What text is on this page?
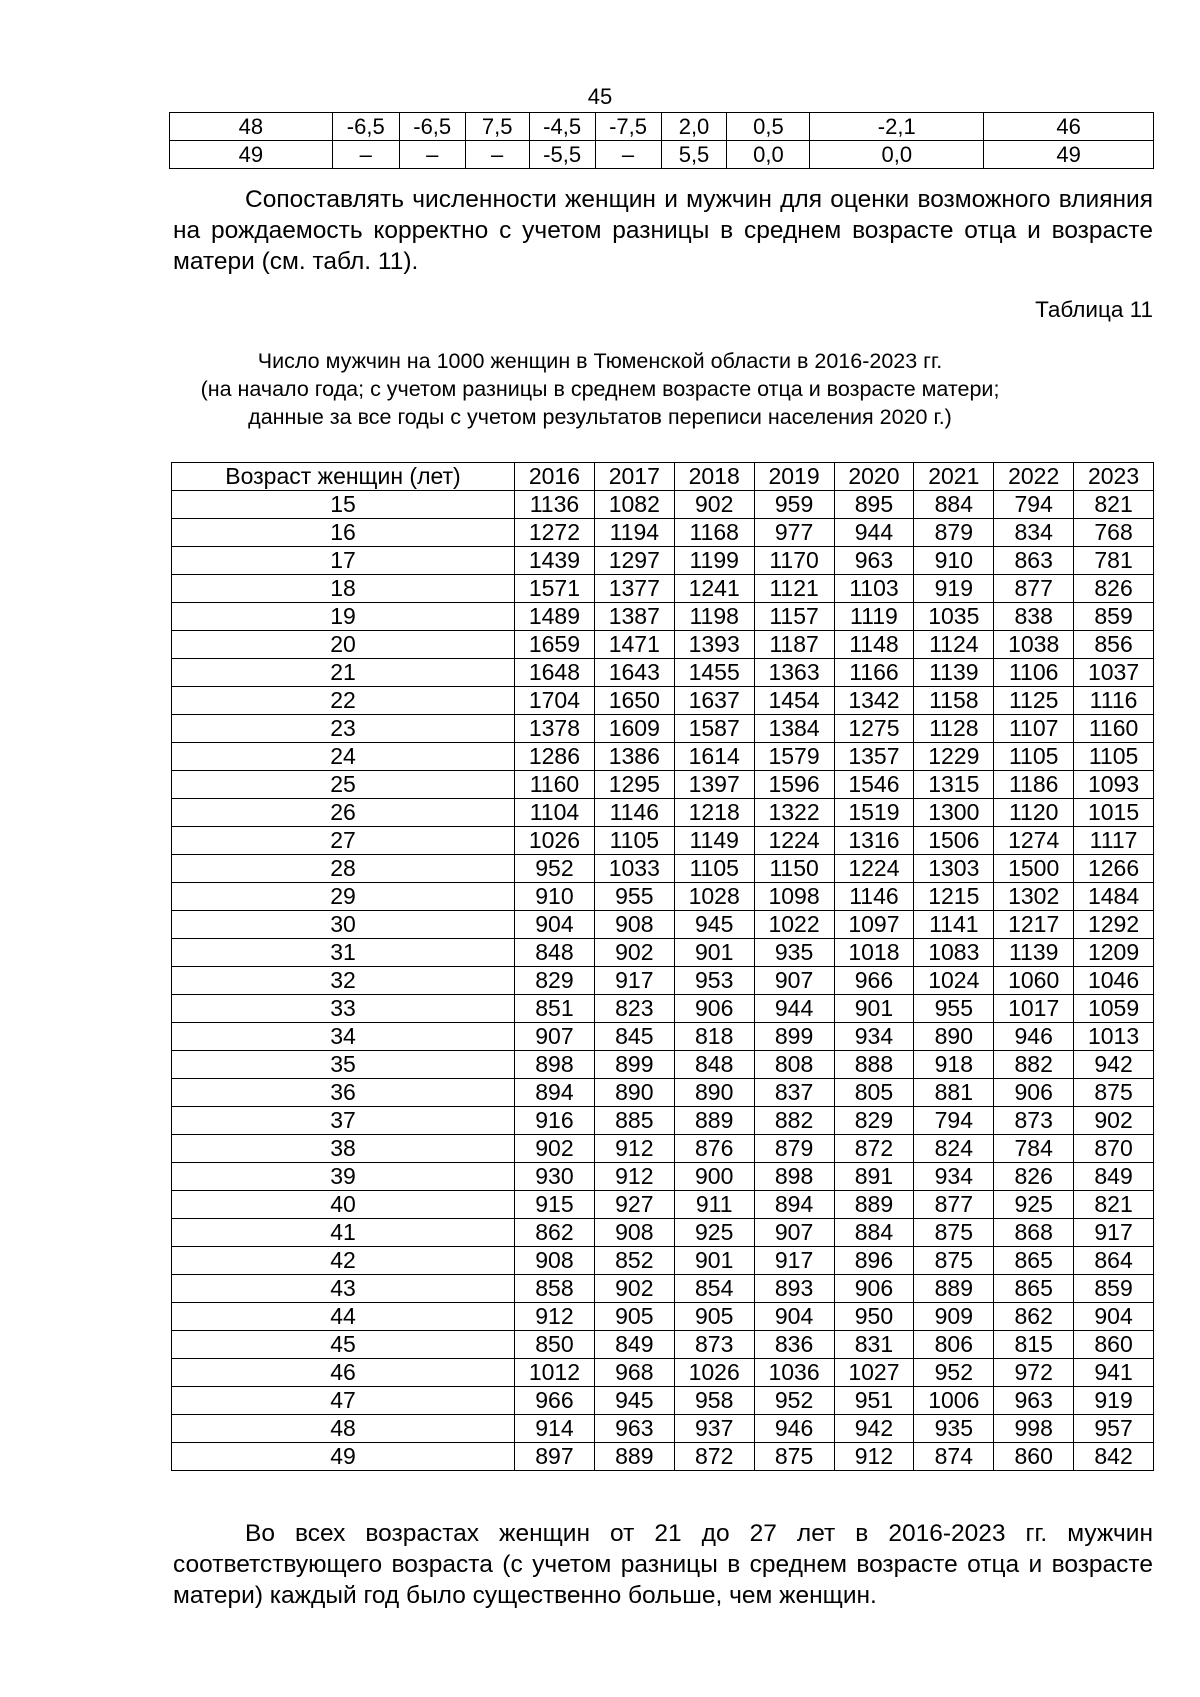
45
48	-6,5	-6,5	7,5	-4,5	-7,5	2,0	0,5	-2,1	46
49	–	–	–	-5,5	–	5,5	0,0	0,0	49

Сопоставлять численности женщин и мужчин для оценки возможного влияния на рождаемость корректно с учетом разницы в среднем возрасте отца и возрасте матери (см. табл. 11).

Таблица 11
Число мужчин на 1000 женщин в Тюменской области в 2016-2023 гг.
(на начало года; с учетом разницы в среднем возрасте отца и возрасте матери;
данные за все годы с учетом результатов переписи населения 2020 г.)
Возраст женщин (лет)	2016	2017	2018	2019	2020	2021	2022	2023
15	1136	1082	902	959	895	884	794	821
16	1272	1194	1168	977	944	879	834	768
17	1439	1297	1199	1170	963	910	863	781
18	1571	1377	1241	1121	1103	919	877	826
19	1489	1387	1198	1157	1119	1035	838	859
20	1659	1471	1393	1187	1148	1124	1038	856
21	1648	1643	1455	1363	1166	1139	1106	1037
22	1704	1650	1637	1454	1342	1158	1125	1116
23	1378	1609	1587	1384	1275	1128	1107	1160
24	1286	1386	1614	1579	1357	1229	1105	1105
25	1160	1295	1397	1596	1546	1315	1186	1093
26	1104	1146	1218	1322	1519	1300	1120	1015
27	1026	1105	1149	1224	1316	1506	1274	1117
28	952	1033	1105	1150	1224	1303	1500	1266
29	910	955	1028	1098	1146	1215	1302	1484
30	904	908	945	1022	1097	1141	1217	1292
31	848	902	901	935	1018	1083	1139	1209
32	829	917	953	907	966	1024	1060	1046
33	851	823	906	944	901	955	1017	1059
34	907	845	818	899	934	890	946	1013
35	898	899	848	808	888	918	882	942
36	894	890	890	837	805	881	906	875
37	916	885	889	882	829	794	873	902
38	902	912	876	879	872	824	784	870
39	930	912	900	898	891	934	826	849
40	915	927	911	894	889	877	925	821
41	862	908	925	907	884	875	868	917
42	908	852	901	917	896	875	865	864
43	858	902	854	893	906	889	865	859
44	912	905	905	904	950	909	862	904
45	850	849	873	836	831	806	815	860
46	1012	968	1026	1036	1027	952	972	941
47	966	945	958	952	951	1006	963	919
48	914	963	937	946	942	935	998	957
49	897	889	872	875	912	874	860	842

Во всех возрастах женщин от 21 до 27 лет в 2016-2023 гг. мужчин соответствующего возраста (с учетом разницы в среднем возрасте отца и возрасте матери) каждый год было существенно больше, чем женщин.
